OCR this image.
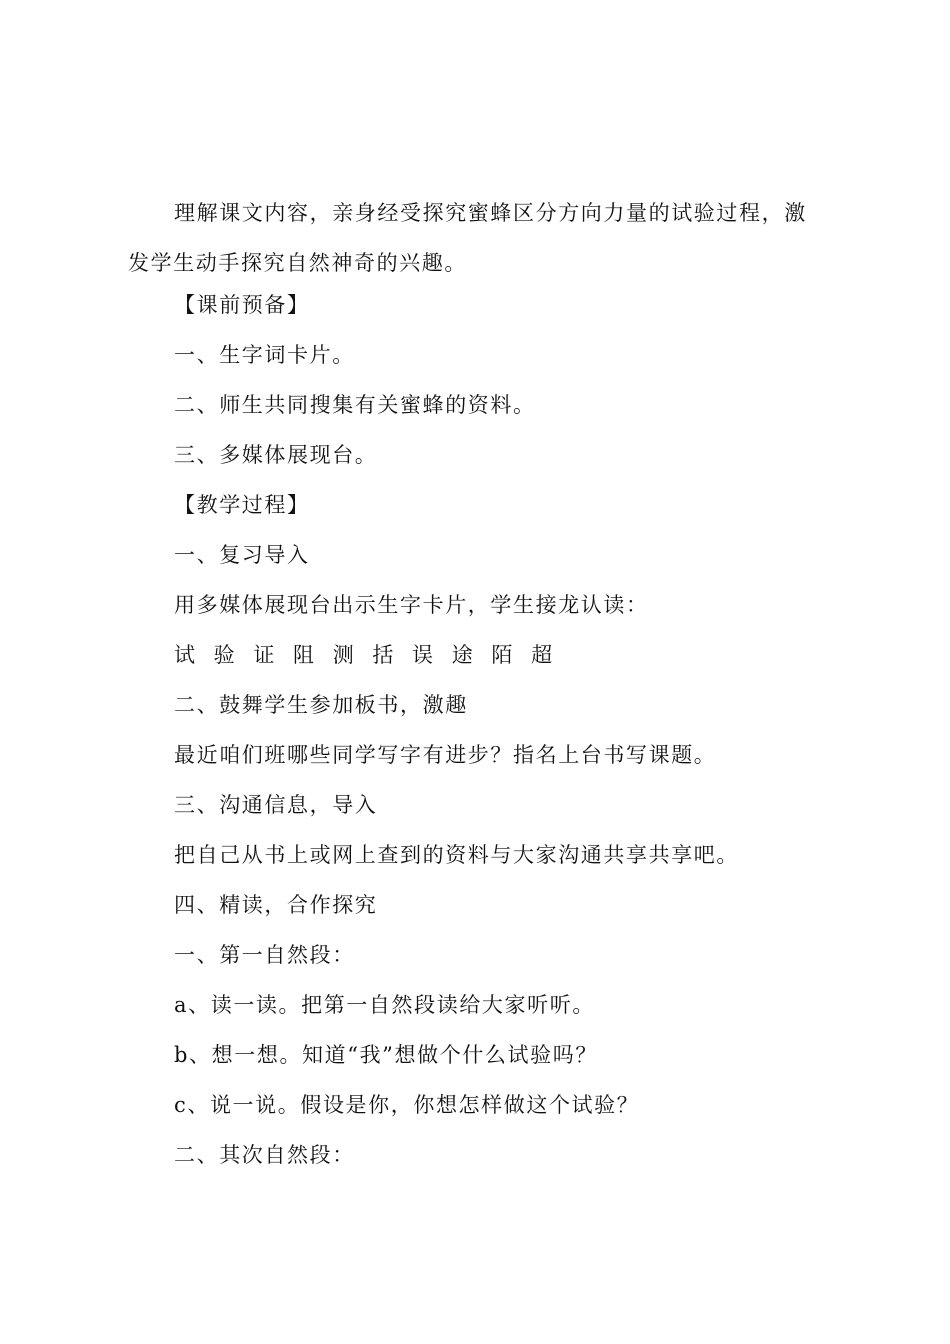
理解课文内容，亲身经受探究蜜蜂区分方向力量的试验过程，激发学生动手探究自然神奇的兴趣。

【课前预备】
一、生字词卡片。
二、师生共同搜集有关蜜蜂的资料。
三、多媒体展现台。
【教学过程】
一、复习导入
用多媒体展现台出示生字卡片，学生接龙认读：
试 验 证 阻 测 括 误 途 陌 超
二、鼓舞学生参加板书，激趣
最近咱们班哪些同学写字有进步？指名上台书写课题。
三、沟通信息，导入
把自己从书上或网上查到的资料与大家沟通共享共享吧。
四、精读，合作探究
一、第一自然段：
a、读一读。把第一自然段读给大家听听。
b、想一想。知道“我”想做个什么试验吗？
c、说一说。假设是你，你想怎样做这个试验？
二、其次自然段：
